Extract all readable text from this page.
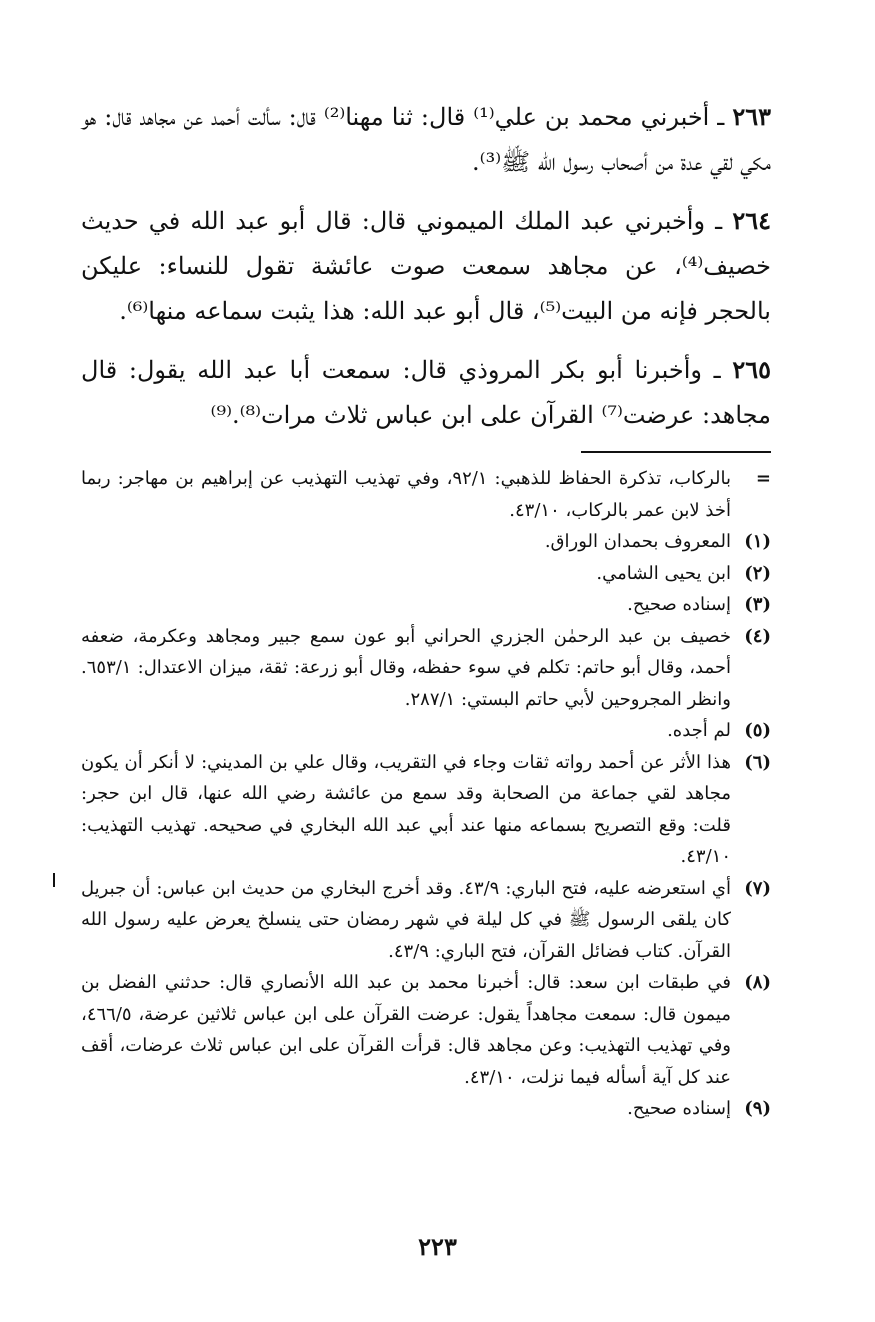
٢٦٣ ـ أخبرني محمد بن علي⁽¹⁾ قال: ثنا مهنا⁽²⁾ قال: سألت أحمد عن مجاهد قال: هو مكي لقي عدة من أصحاب رسول الله ﷺ⁽³⁾.

٢٦٤ ـ وأخبرني عبد الملك الميموني قال: قال أبو عبد الله في حديث خصيف⁽⁴⁾، عن مجاهد سمعت صوت عائشة تقول للنساء: عليكن بالحجر فإنه من البيت⁽⁵⁾، قال أبو عبد الله: هذا يثبت سماعه منها⁽⁶⁾.

٢٦٥ ـ وأخبرنا أبو بكر المروذي قال: سمعت أبا عبد الله يقول: قال مجاهد: عرضت⁽⁷⁾ القرآن على ابن عباس ثلاث مرات⁽⁸⁾.⁽⁹⁾

=
بالركاب، تذكرة الحفاظ للذهبي: ٩٢/١، وفي تهذيب التهذيب عن إبراهيم بن مهاجر: ربما أخذ لابن عمر بالركاب، ٤٣/١٠.

(١)
المعروف بحمدان الوراق.

(٢)
ابن يحيى الشامي.

(٣)
إسناده صحيح.

(٤)
خصيف بن عبد الرحمٰن الجزري الحراني أبو عون سمع جبير ومجاهد وعكرمة، ضعفه أحمد، وقال أبو حاتم: تكلم في سوء حفظه، وقال أبو زرعة: ثقة، ميزان الاعتدال: ٦٥٣/١. وانظر المجروحين لأبي حاتم البستي: ٢٨٧/١.

(٥)
لم أجده.

(٦)
هذا الأثر عن أحمد رواته ثقات وجاء في التقريب، وقال علي بن المديني: لا أنكر أن يكون مجاهد لقي جماعة من الصحابة وقد سمع من عائشة رضي الله عنها، قال ابن حجر: قلت: وقع التصريح بسماعه منها عند أبي عبد الله البخاري في صحيحه. تهذيب التهذيب: ٤٣/١٠.

(٧)
أي استعرضه عليه، فتح الباري: ٤٣/٩. وقد أخرج البخاري من حديث ابن عباس: أن جبريل كان يلقى الرسول ﷺ في كل ليلة في شهر رمضان حتى ينسلخ يعرض عليه رسول الله القرآن. كتاب فضائل القرآن، فتح الباري: ٤٣/٩.

(٨)
في طبقات ابن سعد: قال: أخبرنا محمد بن عبد الله الأنصاري قال: حدثني الفضل بن ميمون قال: سمعت مجاهداً يقول: عرضت القرآن على ابن عباس ثلاثين عرضة، ٤٦٦/٥، وفي تهذيب التهذيب: وعن مجاهد قال: قرأت القرآن على ابن عباس ثلاث عرضات، أقف عند كل آية أسأله فيما نزلت، ٤٣/١٠.

(٩)
إسناده صحيح.

٢٢٣
